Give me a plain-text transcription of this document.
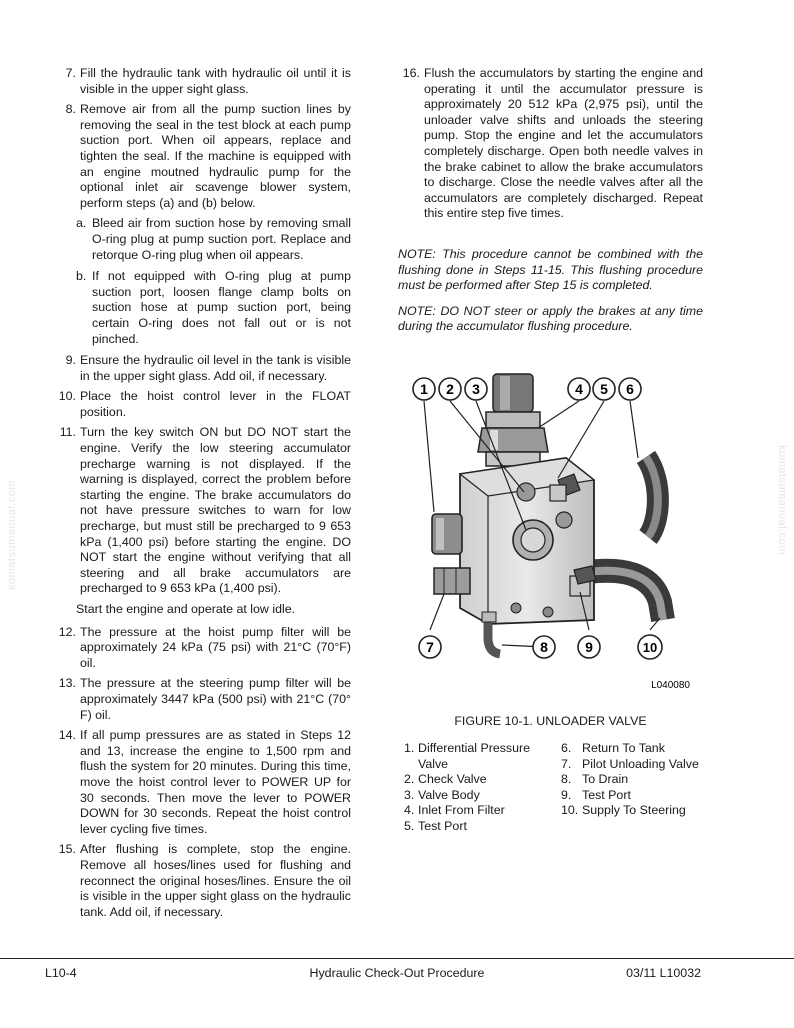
7. Fill the hydraulic tank with hydraulic oil until it is visible in the upper sight glass.
8. Remove air from all the pump suction lines by removing the seal in the test block at each pump suction port. When oil appears, replace and tighten the seal. If the machine is equipped with an engine moutned hydraulic pump for the optional inlet air scavenge blower system, perform steps (a) and (b) below.
a. Bleed air from suction hose by removing small O-ring plug at pump suction port. Replace and retorque O-ring plug when oil appears.
b. If not equipped with O-ring plug at pump suction port, loosen flange clamp bolts on suction hose at pump suction port, being certain O-ring does not fall out or is not pinched.
9. Ensure the hydraulic oil level in the tank is visible in the upper sight glass. Add oil, if necessary.
10. Place the hoist control lever in the FLOAT position.
11. Turn the key switch ON but DO NOT start the engine. Verify the low steering accumulator precharge warning is not displayed. If the warning is displayed, correct the problem before starting the engine. The brake accumulators do not have pressure switches to warn for low precharge, but must still be precharged to 9 653 kPa (1,400 psi) before starting the engine. DO NOT start the engine without verifying that all steering and all brake accumulators are precharged to 9 653 kPa (1,400 psi).
Start the engine and operate at low idle.
12. The pressure at the hoist pump filter will be approximately 24 kPa (75 psi) with 21°C (70°F) oil.
13. The pressure at the steering pump filter will be approximately 3447 kPa (500 psi) with 21°C (70° F) oil.
14. If all pump pressures are as stated in Steps 12 and 13, increase the engine to 1,500 rpm and flush the system for 20 minutes. During this time, move the hoist control lever to POWER UP for 30 seconds. Then move the lever to POWER DOWN for 30 seconds. Repeat the hoist control lever cycling five times.
15. After flushing is complete, stop the engine. Remove all hoses/lines used for flushing and reconnect the original hoses/lines. Ensure the oil is visible in the upper sight glass on the hydraulic tank. Add oil, if necessary.
16. Flush the accumulators by starting the engine and operating it until the accumulator pressure is approximately 20 512 kPa (2,975 psi), until the unloader valve shifts and unloads the steering pump. Stop the engine and let the accumulators completely discharge. Open both needle valves in the brake cabinet to allow the brake accumulators to discharge. Close the needle valves after all the accumulators are completely discharged. Repeat this entire step five times.
NOTE: This procedure cannot be combined with the flushing done in Steps 11-15. This flushing procedure must be performed after Step 15 is completed.
NOTE: DO NOT steer or apply the brakes at any time during the accumulator flushing procedure.
1 2 3	4 5 6
7	8	9	10
L040080
FIGURE 10-1. UNLOADER VALVE
1. Differential Pressure Valve
2. Check Valve
3. Valve Body
4. Inlet From Filter
5. Test Port
6. Return To Tank
7. Pilot Unloading Valve
8. To Drain
9. Test Port
10. Supply To Steering
komatsumanual.com	komatsumanual.com
L10-4	Hydraulic Check-Out Procedure	03/11 L10032
